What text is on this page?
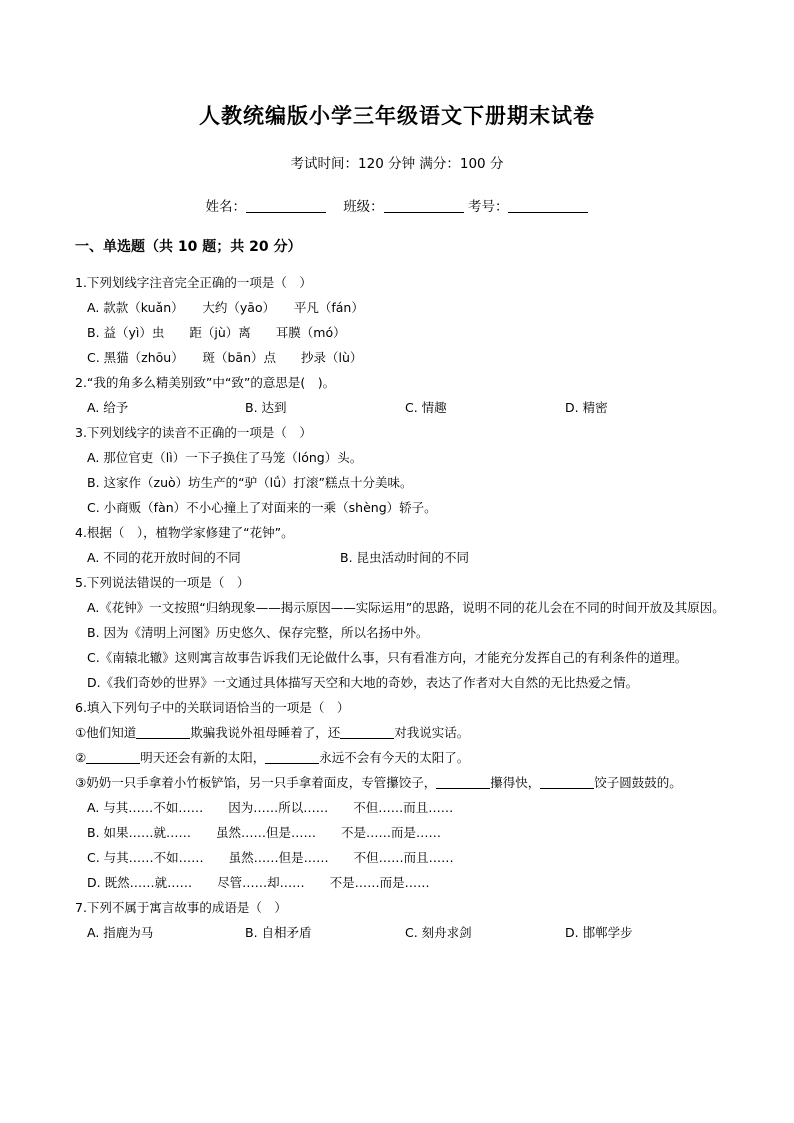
人教统编版小学三年级语文下册期末试卷
考试时间：120 分钟 满分：100 分
姓名：	班级：	考号：
一、单选题（共 10 题；共 20 分）
1.下列划线字注音完全正确的一项是（　）
A. 款款（kuǎn）　　大约（yāo）　　平凡（fán）
B. 益（yì）虫　　距（jù）离　　耳膜（mó）
C. 黑猫（zhōu）　　斑（bān）点　　抄录（lù）
2.“我的角多么精美别致”中“致”的意思是(　)。
A. 给予	B. 达到	C. 情趣	D. 精密
3.下列划线字的读音不正确的一项是（　）
A. 那位官吏（lì）一下子换住了马笼（lóng）头。
B. 这家作（zuò）坊生产的“驴（lǘ）打滚”糕点十分美味。
C. 小商贩（fàn）不小心撞上了对面来的一乘（shèng）轿子。
4.根据（　），植物学家修建了“花钟”。
A. 不同的花开放时间的不同	B. 昆虫活动时间的不同
5.下列说法错误的一项是（　）
A.《花钟》一文按照“归纳现象——揭示原因——实际运用”的思路，说明不同的花儿会在不同的时间开放及其原因。
B. 因为《清明上河图》历史悠久、保存完整，所以名扬中外。
C.《南辕北辙》这则寓言故事告诉我们无论做什么事，只有看准方向，才能充分发挥自己的有利条件的道理。
D.《我们奇妙的世界》一文通过具体描写天空和大地的奇妙，表达了作者对大自然的无比热爱之情。
6.填入下列句子中的关联词语恰当的一项是（　）
①他们知道	欺骗我说外祖母睡着了，还	对我说实话。
②	明天还会有新的太阳，	永远不会有今天的太阳了。
③奶奶一只手拿着小竹板铲馅，另一只手拿着面皮，专管攥饺子，	攥得快，	饺子圆鼓鼓的。
A. 与其……不如……　　因为……所以……　　不但……而且……
B. 如果……就……　　虽然……但是……　　不是……而是……
C. 与其……不如……　　虽然……但是……　　不但……而且……
D. 既然……就……　　尽管……却……　　不是……而是……
7.下列不属于寓言故事的成语是（　）
A. 指鹿为马	B. 自相矛盾	C. 刻舟求剑	D. 邯郸学步
